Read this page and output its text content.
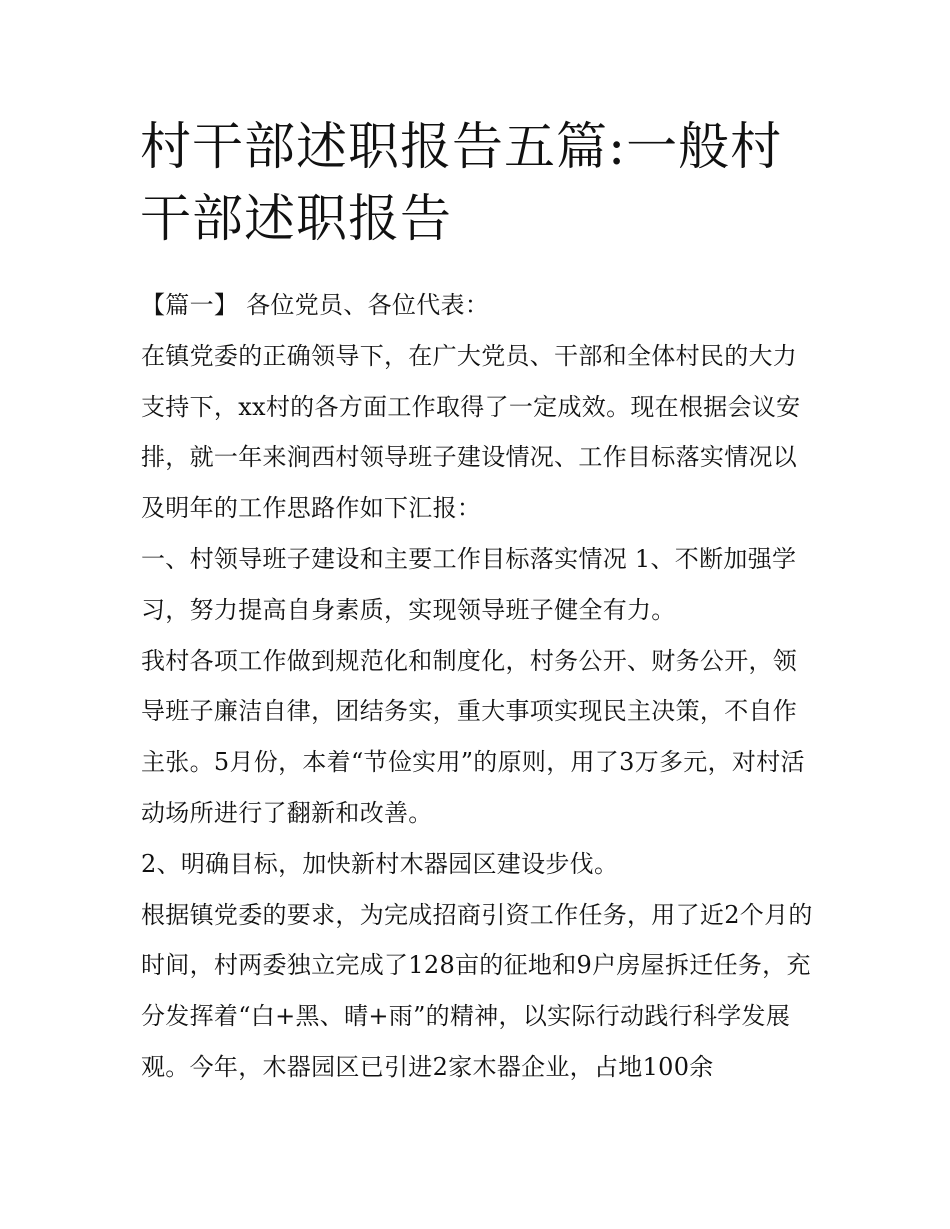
村干部述职报告五篇:一般村干部述职报告

【篇一】 各位党员、各位代表：

在镇党委的正确领导下，在广大党员、干部和全体村民的大力支持下，xx村的各方面工作取得了一定成效。现在根据会议安排，就一年来涧西村领导班子建设情况、工作目标落实情况以及明年的工作思路作如下汇报：

一、村领导班子建设和主要工作目标落实情况 1、不断加强学习，努力提高自身素质，实现领导班子健全有力。

我村各项工作做到规范化和制度化，村务公开、财务公开，领导班子廉洁自律，团结务实，重大事项实现民主决策，不自作主张。5月份，本着“节俭实用”的原则，用了3万多元，对村活动场所进行了翻新和改善。

2、明确目标，加快新村木器园区建设步伐。

根据镇党委的要求，为完成招商引资工作任务，用了近2个月的时间，村两委独立完成了128亩的征地和9户房屋拆迁任务，充分发挥着“白+黑、晴+雨”的精神，以实际行动践行科学发展观。今年，木器园区已引进2家木器企业，占地100余
